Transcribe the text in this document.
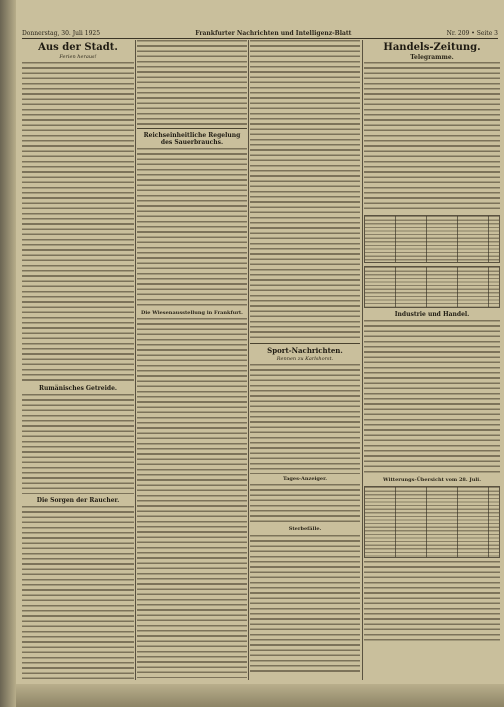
Donnerstag, 30. Juli 1925	Frankfurter Nachrichten und Intelligenz-Blatt	Nr. 209 • Seite 3
Aus der Stadt.
Ferien heraus!
Rumänisches Getreide.
Die Sorgen der Raucher.
Reichseinheitliche Regelung des Sauerbrauchs.
Die Wiesenausstellung in Frankfurt.
Sport-Nachrichten.
Rennen zu Karlshorst.
Tages-Anzeiger.
Sterbefälle.
Handels-Zeitung.
Telegramme.
Industrie und Handel.
Witterungs-Übersicht vom 28. Juli.
